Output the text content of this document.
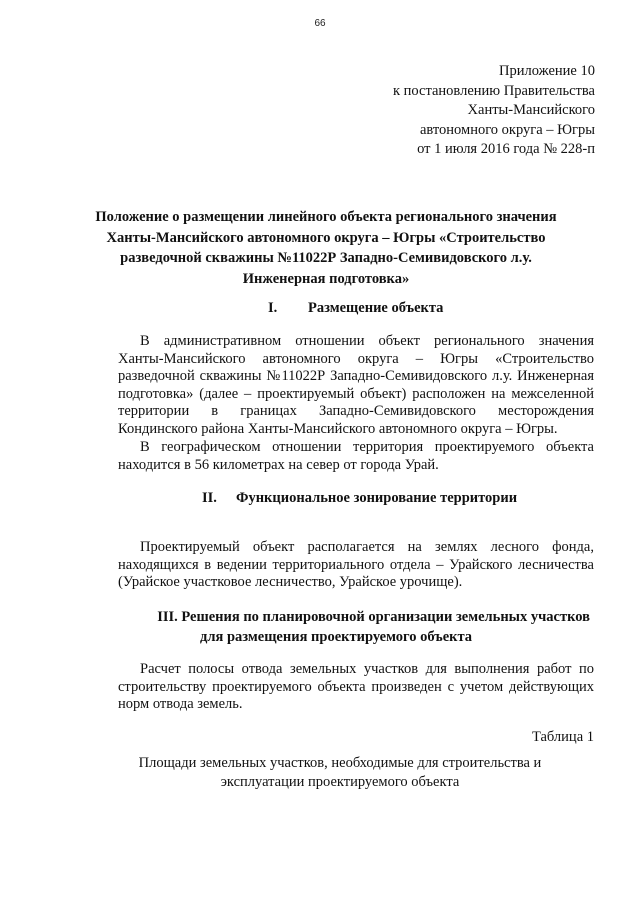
66
Приложение 10
к постановлению Правительства
Ханты-Мансийского
автономного округа – Югры
от 1 июля 2016 года № 228-п
Положение о размещении линейного объекта регионального значения
Ханты-Мансийского автономного округа – Югры «Строительство
разведочной скважины №11022Р Западно-Семивидовского л.у.
Инженерная подготовка»
I. Размещение объекта
В административном отношении объект регионального значения
Ханты-Мансийского автономного округа – Югры «Строительство
разведочной скважины №11022Р Западно-Семивидовского л.у. Инженерная
подготовка» (далее – проектируемый объект) расположен на межселенной
территории в границах Западно-Семивидовского месторождения
Кондинского района Ханты-Мансийского автономного округа – Югры.
В географическом отношении территория проектируемого объекта
находится в 56 километрах на север от города Урай.
II. Функциональное зонирование территории
Проектируемый объект располагается на землях лесного фонда,
находящихся в ведении территориального отдела – Урайского лесничества
(Урайское участковое лесничество, Урайское урочище).
III. Решения по планировочной организации земельных участков
для размещения проектируемого объекта
Расчет полосы отвода земельных участков для выполнения работ по
строительству проектируемого объекта произведен с учетом действующих
норм отвода земель.
Таблица 1
Площади земельных участков, необходимые для строительства и
эксплуатации проектируемого объекта
